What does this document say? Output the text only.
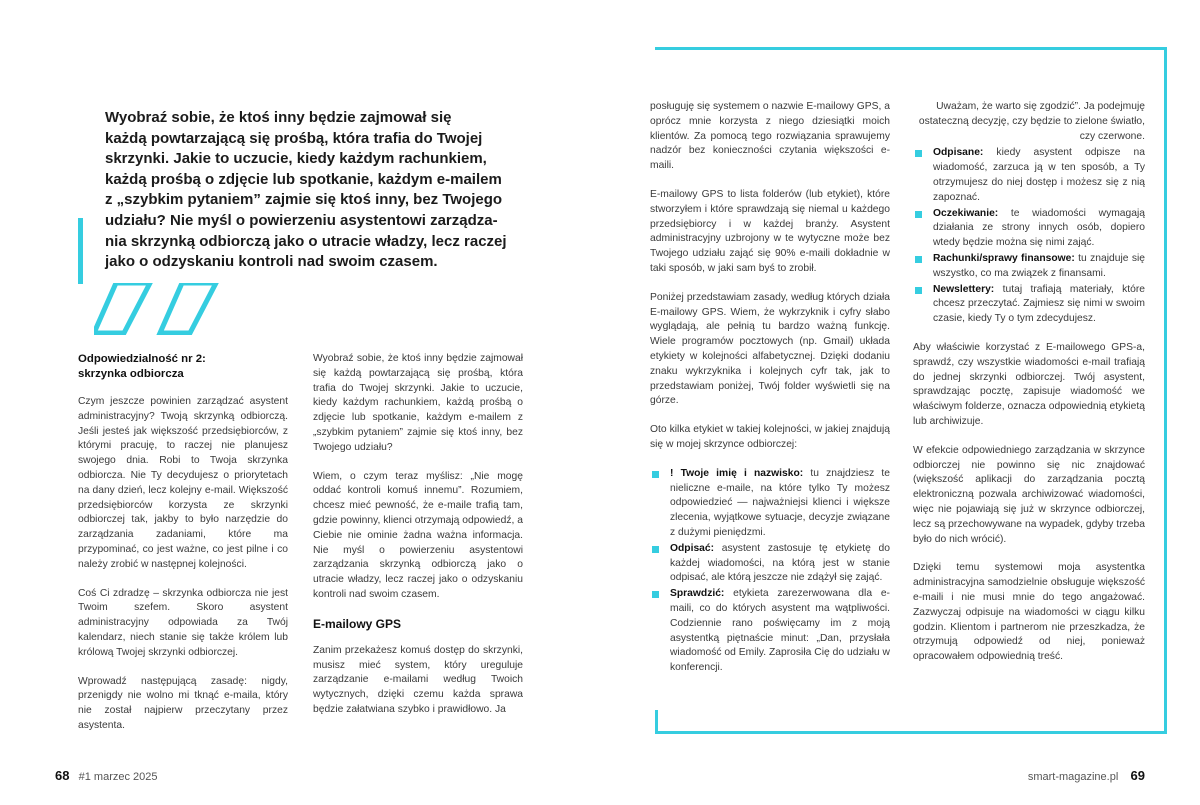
Wyobraź sobie, że ktoś inny będzie zajmował się

każdą powtarzającą się prośbą, która trafia do Twojej

skrzynki. Jakie to uczucie, kiedy każdym rachunkiem,

każdą prośbą o zdjęcie lub spotkanie, każdym e-mailem

z „szybkim pytaniem” zajmie się ktoś inny, bez Twojego

udziału? Nie myśl o powierzeniu asystentowi zarządza-

nia skrzynką odbiorczą jako o utracie władzy, lecz raczej

jako o odzyskaniu kontroli nad swoim czasem.

Odpowiedzialność nr 2:
skrzynka odbiorcza

Czym jeszcze powinien zarządzać asystent administracyjny? Twoją skrzynką odbiorczą. Jeśli jesteś jak większość przedsiębiorców, z którymi pracuję, to raczej nie planujesz swojego dnia. Robi to Twoja skrzynka odbiorcza. Nie Ty decydujesz o priorytetach na dany dzień, lecz kolejny e-mail. Większość przedsiębiorców korzysta ze skrzynki odbiorczej tak, jakby to było narzędzie do zarządzania zadaniami, które ma przypominać, co jest ważne, co jest pilne i co należy zrobić w następnej kolejności.

Coś Ci zdradzę – skrzynka odbiorcza nie jest Twoim szefem. Skoro asystent administracyjny odpowiada za Twój kalendarz, niech stanie się także królem lub królową Twojej skrzynki odbiorczej.

Wprowadź następującą zasadę: nigdy, przenigdy nie wolno mi tknąć e-maila, który nie został najpierw przeczytany przez asystenta.

Wyobraź sobie, że ktoś inny będzie zajmował się każdą powtarzającą się prośbą, która trafia do Twojej skrzynki. Jakie to uczucie, kiedy każdym rachunkiem, każdą prośbą o zdjęcie lub spotkanie, każdym e-mailem z „szybkim pytaniem” zajmie się ktoś inny, bez Twojego udziału?

Wiem, o czym teraz myślisz: „Nie mogę oddać kontroli komuś innemu”. Rozumiem, chcesz mieć pewność, że e-maile trafią tam, gdzie powinny, klienci otrzymają odpowiedź, a Ciebie nie ominie żadna ważna informacja. Nie myśl o powierzeniu asystentowi zarządzania skrzynką odbiorczą jako o utracie władzy, lecz raczej jako o odzyskaniu kontroli nad swoim czasem.

E-mailowy GPS

Zanim przekażesz komuś dostęp do skrzynki, musisz mieć system, który ureguluje zarządzanie e-mailami według Twoich wytycznych, dzięki czemu każda sprawa będzie załatwiana szybko i prawidłowo. Ja

posługuję się systemem o nazwie E-mailowy GPS, a oprócz mnie korzysta z niego dziesiątki moich klientów. Za pomocą tego rozwiązania sprawujemy nadzór bez konieczności czytania większości e-maili.

E-mailowy GPS to lista folderów (lub etykiet), które stworzyłem i które sprawdzają się niemal u każdego przedsiębiorcy i w każdej branży. Asystent administracyjny uzbrojony w te wytyczne może bez Twojego udziału zająć się 90% e-maili dokładnie w taki sposób, w jaki sam byś to zrobił.

Poniżej przedstawiam zasady, według których działa E-mailowy GPS. Wiem, że wykrzyknik i cyfry słabo wyglądają, ale pełnią tu bardzo ważną funkcję. Wiele programów pocztowych (np. Gmail) układa etykiety w kolejności alfabetycznej. Dzięki dodaniu znaku wykrzyknika i kolejnych cyfr tak, jak to przedstawiam poniżej, Twój folder wyświetli się na górze.

Oto kilka etykiet w takiej kolejności, w jakiej znajdują się w mojej skrzynce odbiorczej:

! Twoje imię i nazwisko: tu znajdziesz te nieliczne e-maile, na które tylko Ty możesz odpowiedzieć — najważniejsi klienci i większe zlecenia, wyjątkowe sytuacje, decyzje związane z dużymi pieniędzmi.
Odpisać: asystent zastosuje tę etykietę do każdej wiadomości, na którą jest w stanie odpisać, ale którą jeszcze nie zdążył się zająć.
Sprawdzić: etykieta zarezerwowana dla e-maili, co do których asystent ma wątpliwości. Codziennie rano poświęcamy im z moją asystentką piętnaście minut: „Dan, przysłała wiadomość od Emily. Zaprosiła Cię do udziału w konferencji.

Uważam, że warto się zgodzić”. Ja podejmuję ostateczną decyzję, czy będzie to zielone światło, czy czerwone.

Odpisane: kiedy asystent odpisze na wiadomość, zarzuca ją w ten sposób, a Ty otrzymujesz do niej dostęp i możesz się z nią zapoznać.
Oczekiwanie: te wiadomości wymagają działania ze strony innych osób, dopiero wtedy będzie można się nimi zająć.
Rachunki/sprawy finansowe: tu znajduje się wszystko, co ma związek z finansami.
Newslettery: tutaj trafiają materiały, które chcesz przeczytać. Zajmiesz się nimi w swoim czasie, kiedy Ty o tym zdecydujesz.

Aby właściwie korzystać z E-mailowego GPS-a, sprawdź, czy wszystkie wiadomości e-mail trafiają do jednej skrzynki odbiorczej. Twój asystent, sprawdzając pocztę, zapisuje wiadomość we właściwym folderze, oznacza odpowiednią etykietą lub archiwizuje.

W efekcie odpowiedniego zarządzania w skrzynce odbiorczej nie powinno się nic znajdować (większość aplikacji do zarządzania pocztą elektroniczną pozwala archiwizować wiadomości, więc nie pojawiają się już w skrzynce odbiorczej, lecz są przechowywane na wypadek, gdyby trzeba było do nich wrócić).

Dzięki temu systemowi moja asystentka administracyjna samodzielnie obsługuje większość e-maili i nie musi mnie do tego angażować. Zazwyczaj odpisuje na wiadomości w ciągu kilku godzin. Klientom i partnerom nie przeszkadza, że otrzymują odpowiedź od niej, ponieważ opracowałem odpowiednią treść.

68 #1 marzec 2025	smart-magazine.pl 69
